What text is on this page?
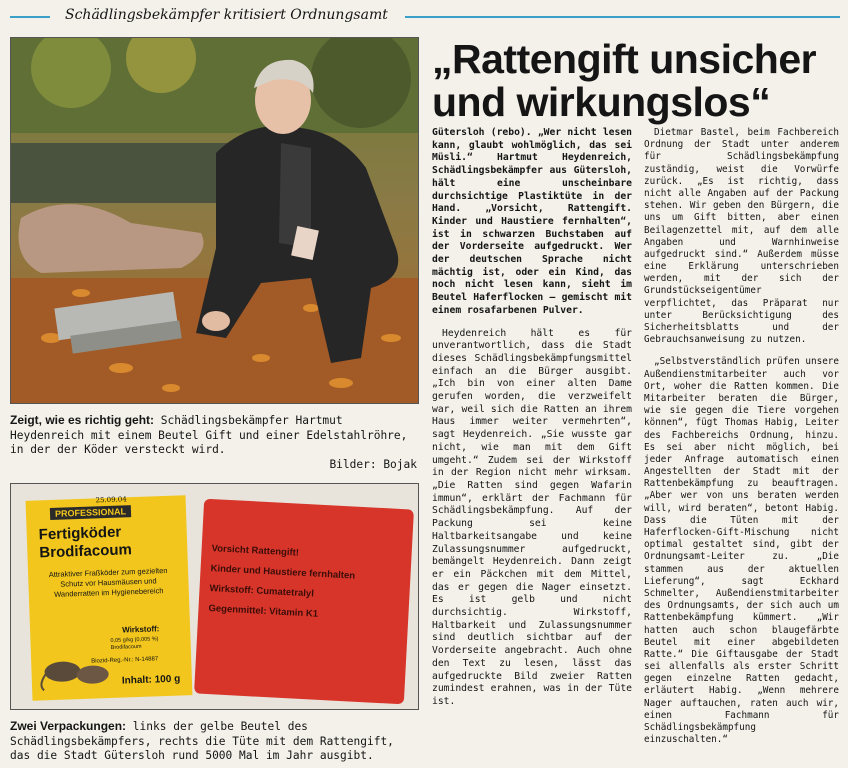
Schädlingsbekämpfer kritisiert Ordnungsamt
„Rattengift unsicher und wirkungslos“
Zeigt, wie es richtig geht: Schädlingsbekämpfer Hartmut Heydenreich mit einem Beutel Gift und einer Edelstahlröhre, in der der Köder versteckt wird.
Bilder: Bojak
25.09.04
PROFESSIONAL
Fertigköder
Brodifacoum
Attraktiver Fraßköder zum gezielten Schutz vor Hausmäusen und Wanderratten im Hygienebereich
Wirkstoff:
0,05 g/kg (0,005 %) Brodifacoum
Biozid-Reg.-Nr.: N-14887
Inhalt: 100 g
Vorsicht Rattengift!
Kinder und Haustiere fernhalten
Wirkstoff: Cumatetralyl
Gegenmittel: Vitamin K1
Zwei Verpackungen: links der gelbe Beutel des Schädlingsbekämpfers, rechts die Tüte mit dem Rattengift, das die Stadt Gütersloh rund 5000 Mal im Jahr ausgibt.

Gütersloh (rebo). „Wer nicht lesen kann, glaubt wohlmöglich, das sei Müsli.“ Hartmut Heydenreich, Schädlingsbekämpfer aus Gütersloh, hält eine unscheinbare durchsichtige Plastiktüte in der Hand. „Vorsicht, Rattengift. Kinder und Haustiere fernhalten“, ist in schwarzen Buchstaben auf der Vorderseite aufgedruckt. Wer der deutschen Sprache nicht mächtig ist, oder ein Kind, das noch nicht lesen kann, sieht im Beutel Haferflocken – gemischt mit einem rosafarbenen Pulver.

Heydenreich hält es für unverantwortlich, dass die Stadt dieses Schädlingsbekämpfungsmittel einfach an die Bürger ausgibt. „Ich bin von einer alten Dame gerufen worden, die verzweifelt war, weil sich die Ratten an ihrem Haus immer weiter vermehrten“, sagt Heydenreich. „Sie wusste gar nicht, wie man mit dem Gift umgeht.“ Zudem sei der Wirkstoff in der Region nicht mehr wirksam. „Die Ratten sind gegen Wafarin immun“, erklärt der Fachmann für Schädlingsbekämpfung. Auf der Packung sei keine Haltbarkeitsangabe und keine Zulassungsnummer aufgedruckt, bemängelt Heydenreich. Dann zeigt er ein Päckchen mit dem Mittel, das er gegen die Nager einsetzt. Es ist gelb und nicht durchsichtig. Wirkstoff, Haltbarkeit und Zulassungsnummer sind deutlich sichtbar auf der Vorderseite angebracht. Auch ohne den Text zu lesen, lässt das aufgedruckte Bild zweier Ratten zumindest erahnen, was in der Tüte ist.

Dietmar Bastel, beim Fachbereich Ordnung der Stadt unter anderem für Schädlingsbekämpfung zuständig, weist die Vorwürfe zurück. „Es ist richtig, dass nicht alle Angaben auf der Packung stehen. Wir geben den Bürgern, die uns um Gift bitten, aber einen Beilagenzettel mit, auf dem alle Angaben und Warnhinweise aufgedruckt sind.“ Außerdem müsse eine Erklärung unterschrieben werden, mit der sich der Grundstückseigentümer verpflichtet, das Präparat nur unter Berücksichtigung des Sicherheitsblatts und der Gebrauchsanweisung zu nutzen.

„Selbstverständlich prüfen unsere Außendienstmitarbeiter auch vor Ort, woher die Ratten kommen. Die Mitarbeiter beraten die Bürger, wie sie gegen die Tiere vorgehen können“, fügt Thomas Habig, Leiter des Fachbereichs Ordnung, hinzu. Es sei aber nicht möglich, bei jeder Anfrage automatisch einen Angestellten der Stadt mit der Rattenbekämpfung zu beauftragen. „Aber wer von uns beraten werden will, wird beraten“, betont Habig. Dass die Tüten mit der Haferflocken-Gift-Mischung nicht optimal gestaltet sind, gibt der Ordnungsamt-Leiter zu. „Die stammen aus der aktuellen Lieferung“, sagt Eckhard Schmelter, Außendienstmitarbeiter des Ordnungsamts, der sich auch um Rattenbekämpfung kümmert. „Wir hatten auch schon blaugefärbte Beutel mit einer abgebildeten Ratte.“ Die Giftausgabe der Stadt sei allenfalls als erster Schritt gegen einzelne Ratten gedacht, erläutert Habig. „Wenn mehrere Nager auftauchen, raten auch wir, einen Fachmann für Schädlingsbekämpfung einzuschalten.“
